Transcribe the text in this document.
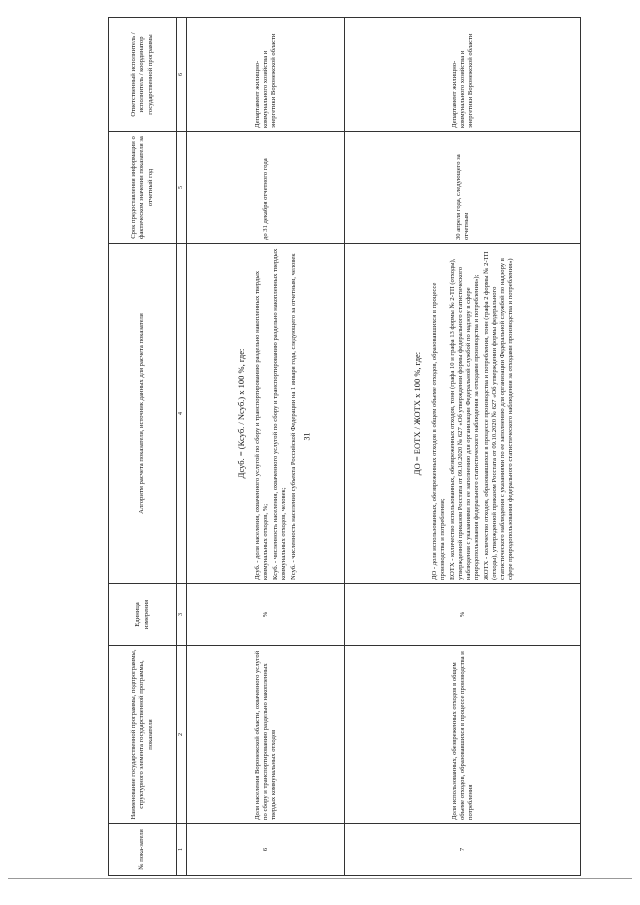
31
№ пока-зателя	Наименование государственной программы, подпрограммы, структурного элемента государственной программы, показателя	Единица измерения	Алгоритм расчета показателя, источник данных для расчета показателя	Срок предоставления информации о фактическом значении показателя за отчетный год	Ответственный исполнитель / исполнитель / координатор государственной программы
1	2	3	4	5	6
6	Доля населения Воронежской области, охваченного услугой по сбору и транспортированию раздельно накопленных твердых коммунальных отходов	%	Дсуб. = (Ксуб. / Nсуб.) x 100 %, где: Дсуб. - доля населения, охваченного услугой по сбору и транспортированию раздельно накопленных твердых коммунальных отходов, %; Ксуб. - численность населения, охваченного услугой по сбору и транспортированию раздельно накопленных твердых коммунальных отходов, человек; Nсуб. - численность населения субъекта Российской Федерации на 1 января года, следующего за отчетным, человек	до 31 декабря отчетного года	Департамент жилищно-коммунального хозяйства и энергетики Воронежской области
7	Доля использованных, обезвреженных отходов в общем объеме отходов, образовавшихся в процессе производства и потребления	%	ДО = ЕОТХ / ЖОТХ x 100 %, где: ДО - доля использованных, обезвреженных отходов в общем объеме отходов, образовавшихся в процессе производства и потребления; ЕОТХ - количество использованных, обезвреженных отходов, тонн (графа 10 и графа 13 формы № 2-ТП (отходы), утвержденной приказом Росстата от 09.10.2020 № 627 «Об утверждении формы федерального статистического наблюдения с указаниями по ее заполнению для организации Федеральной службой по надзору в сфере природопользования федерального статистического наблюдения за отходами производства и потребления»); ЖОТХ - количество отходов, образовавшихся в процессе производства и потребления, тонн (графа 2 формы № 2-ТП (отходы), утвержденной приказом Росстата от 09.10.2020 № 627 «Об утверждении формы федерального статистического наблюдения с указаниями по ее заполнению для организации Федеральной службой по надзору в сфере природопользования федерального статистического наблюдения за отходами производства и потребления»)	30 апреля года, следующего за отчетным	Департамент жилищно-коммунального хозяйства и энергетики Воронежской области
